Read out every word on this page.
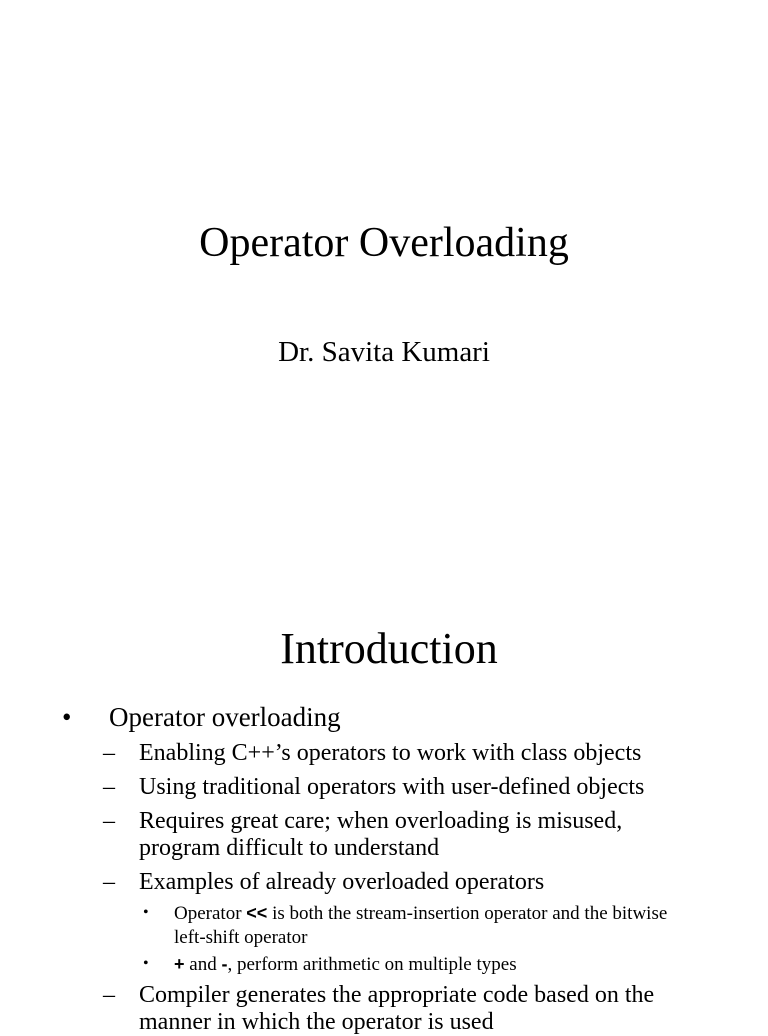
Operator Overloading
Dr. Savita Kumari
Introduction
• Operator overloading
– Enabling C++’s operators to work with class objects
– Using traditional operators with user-defined objects
– Requires great care; when overloading is misused, program difficult to understand
– Examples of already overloaded operators
• Operator << is both the stream-insertion operator and the bitwise left-shift operator
• + and -, perform arithmetic on multiple types
– Compiler generates the appropriate code based on the manner in which the operator is used
